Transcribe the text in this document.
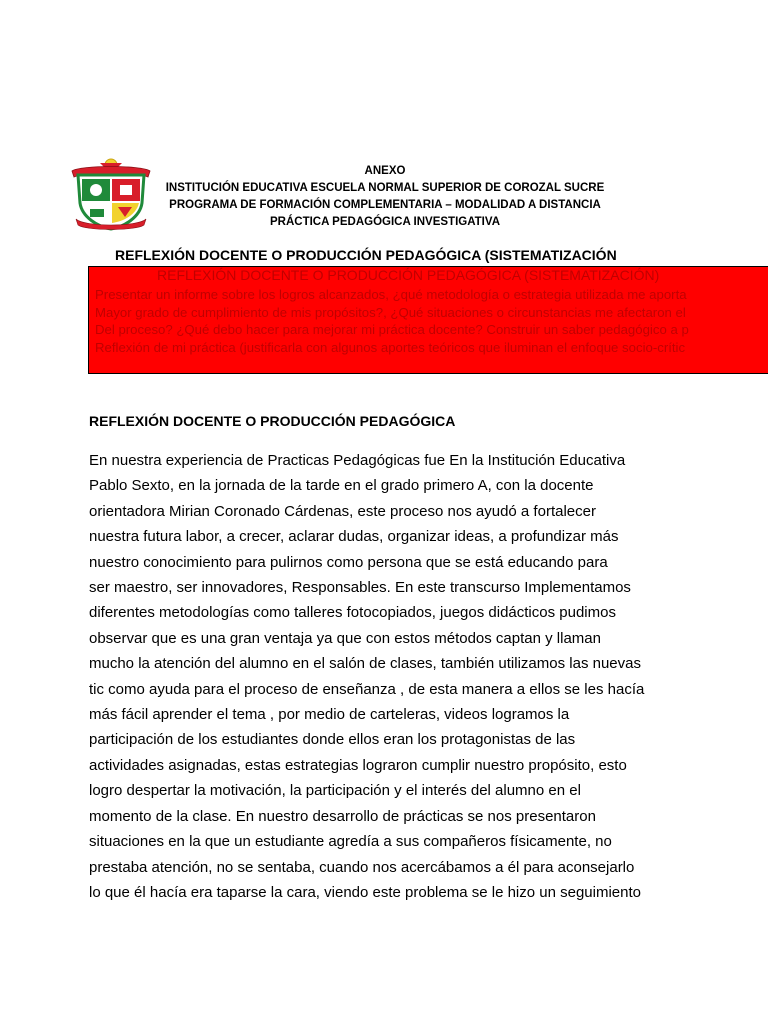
ANEXO
INSTITUCIÓN EDUCATIVA ESCUELA NORMAL SUPERIOR DE COROZAL SUCRE
PROGRAMA DE FORMACIÓN COMPLEMENTARIA – MODALIDAD A DISTANCIA
PRÁCTICA PEDAGÓGICA INVESTIGATIVA
REFLEXIÓN DOCENTE O PRODUCCIÓN PEDAGÓGICA (SISTEMATIZACIÓN
REFLEXIÓN DOCENTE O PRODUCCIÓN PEDAGÓGICA (SISTEMATIZACIÓN)
Presentar un informe sobre los logros alcanzados, ¿qué metodología o estrategia utilizada me aporta
Mayor grado de cumplimiento de mis propósitos?, ¿Qué situaciones o circunstancias me afectaron el
Del proceso? ¿Qué debo hacer para mejorar mi práctica docente? Construir un saber pedagógico a p
Reflexión de mi práctica (justificarla con algunos aportes teóricos que iluminan el enfoque socio-crític
REFLEXIÓN DOCENTE O PRODUCCIÓN PEDAGÓGICA
En nuestra experiencia de Practicas Pedagógicas fue En la Institución Educativa
Pablo Sexto, en la jornada de la tarde en el grado primero A, con la docente
orientadora Mirian Coronado Cárdenas, este proceso nos ayudó a fortalecer
nuestra futura labor, a crecer, aclarar dudas, organizar ideas, a profundizar más
nuestro conocimiento para pulirnos como persona que se está educando para
ser maestro, ser innovadores, Responsables. En este transcurso Implementamos
diferentes metodologías como talleres fotocopiados, juegos didácticos pudimos
observar que es una gran ventaja ya que con estos métodos captan y llaman
mucho la atención del alumno en el salón de clases, también utilizamos las nuevas
tic como ayuda para el proceso de enseñanza , de esta manera a ellos se les hacía
más fácil aprender el tema , por medio de carteleras, videos logramos la
participación de los estudiantes donde ellos eran los protagonistas de las
actividades asignadas, estas estrategias lograron cumplir nuestro propósito, esto
logro despertar la motivación, la participación y el interés del alumno en el
momento de la clase. En nuestro desarrollo de prácticas se nos presentaron
situaciones en la que un estudiante agredía a sus compañeros físicamente, no
prestaba atención, no se sentaba, cuando nos acercábamos a él para aconsejarlo
lo que él hacía era taparse la cara, viendo este problema se le hizo un seguimiento
